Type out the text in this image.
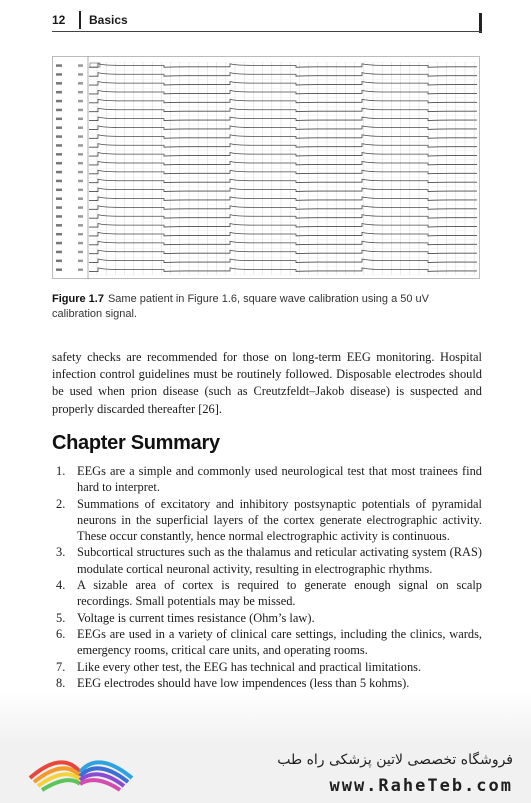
12 Basics

Figure 1.7 Same patient in Figure 1.6, square wave calibration using a 50 uV calibration signal.

safety checks are recommended for those on long-term EEG monitoring. Hospital infection control guidelines must be routinely followed. Disposable electrodes should be used when prion disease (such as Creutzfeldt–Jakob disease) is suspected and properly discarded thereafter [26].

Chapter Summary
1. EEGs are a simple and commonly used neurological test that most trainees find hard to interpret.
2. Summations of excitatory and inhibitory postsynaptic potentials of pyramidal neurons in the superficial layers of the cortex generate electrographic activity. These occur constantly, hence normal electrographic activity is continuous.
3. Subcortical structures such as the thalamus and reticular activating system (RAS) modulate cortical neuronal activity, resulting in electrographic rhythms.
4. A sizable area of cortex is required to generate enough signal on scalp recordings. Small potentials may be missed.
5. Voltage is current times resistance (Ohm’s law).
6. EEGs are used in a variety of clinical care settings, including the clinics, wards, emergency rooms, critical care units, and operating rooms.
7. Like every other test, the EEG has technical and practical limitations.
8. EEG electrodes should have low impendences (less than 5 kohms).
فروشگاه تخصصی لاتین پزشکی راه طب
www.RaheTeb.com
